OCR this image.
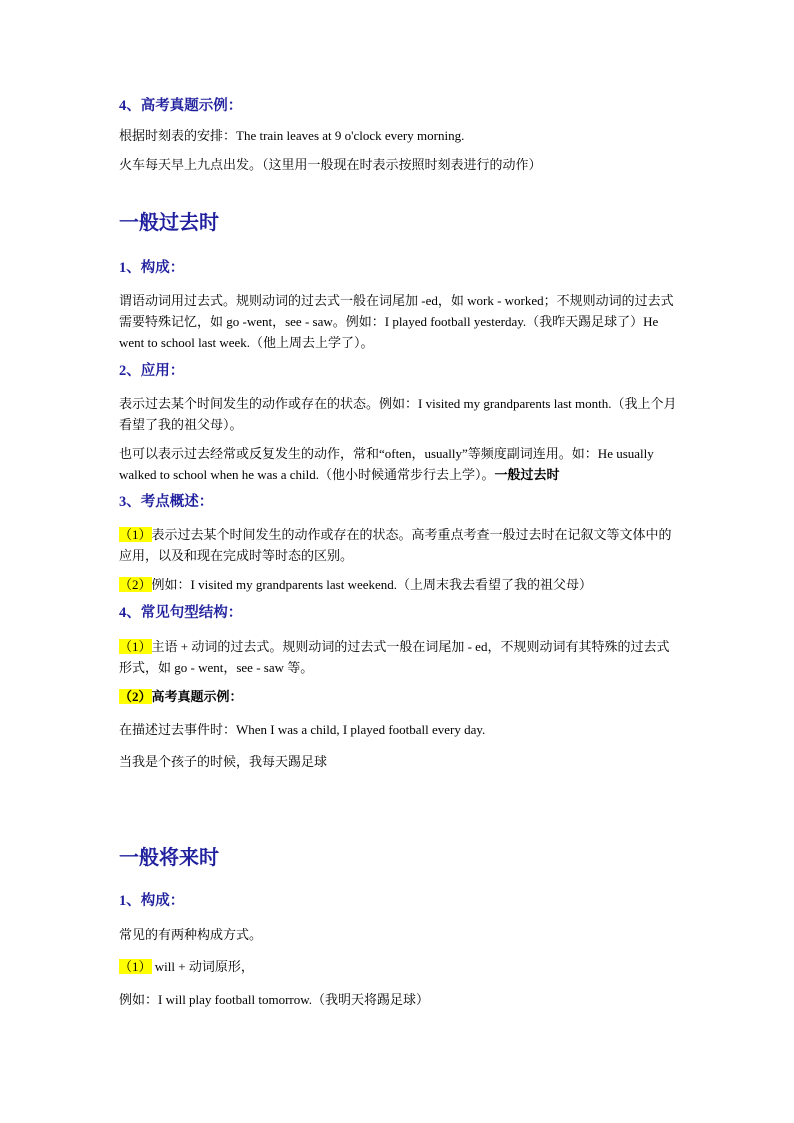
4、高考真题示例：

根据时刻表的安排：The train leaves at 9 o'clock every morning.

火车每天早上九点出发。（这里用一般现在时表示按照时刻表进行的动作）

一般过去时

1、构成：

谓语动词用过去式。规则动词的过去式一般在词尾加 -ed，如 work - worked；不规则动词的过去式需要特殊记忆，如 go -went，see - saw。例如：I played football yesterday.（我昨天踢足球了）He went to school last week.（他上周去上学了）。

2、应用：

表示过去某个时间发生的动作或存在的状态。例如：I visited my grandparents last month.（我上个月看望了我的祖父母）。

也可以表示过去经常或反复发生的动作，常和“often，usually”等频度副词连用。如：He usually walked to school when he was a child.（他小时候通常步行去上学）。一般过去时

3、考点概述：

（1）表示过去某个时间发生的动作或存在的状态。高考重点考查一般过去时在记叙文等文体中的应用，以及和现在完成时等时态的区别。

（2）例如：I visited my grandparents last weekend.（上周末我去看望了我的祖父母）

4、常见句型结构：

（1）主语 + 动词的过去式。规则动词的过去式一般在词尾加 - ed，不规则动词有其特殊的过去式形式，如 go - went，see - saw 等。

（2）高考真题示例：

在描述过去事件时：When I was a child, I played football every day.

当我是个孩子的时候，我每天踢足球

一般将来时

1、构成：

常见的有两种构成方式。

（1） will + 动词原形，

例如：I will play football tomorrow.（我明天将踢足球）
